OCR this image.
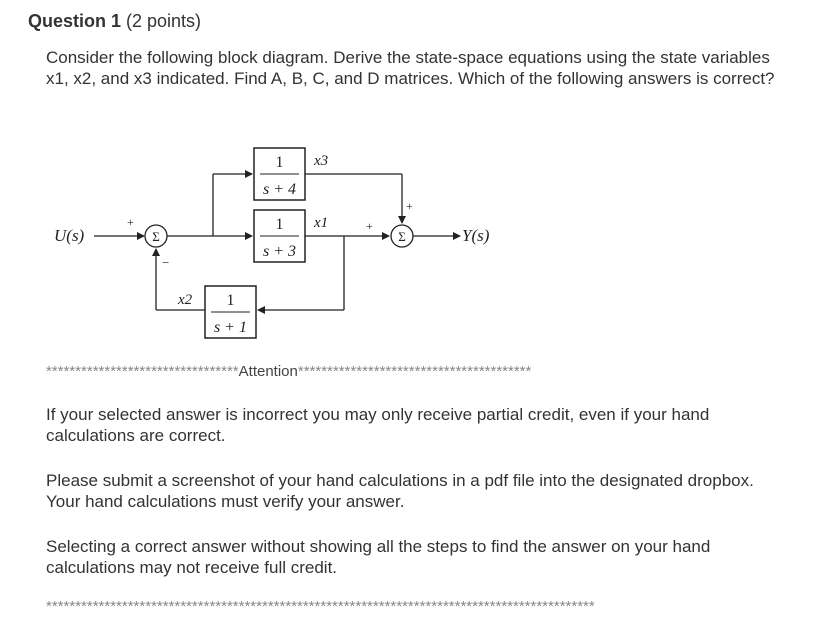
Question 1 (2 points)

Consider the following block diagram. Derive the state-space equations using the state variables x1, x2, and x3 indicated. Find A, B, C, and D matrices. Which of the following answers is correct?

U(s)	Σ
+
−
1
s + 4
x3
1
s + 3
x1
+
+
Σ	Y(s)
1
s + 1
x2
*********************************Attention****************************************

If your selected answer is incorrect you may only receive partial credit, even if your hand calculations are correct.

Please submit a screenshot of your hand calculations in a pdf file into the designated dropbox. Your hand calculations must verify your answer.

Selecting a correct answer without showing all the steps to find the answer on your hand calculations may not receive full credit.

**********************************************************************************************
